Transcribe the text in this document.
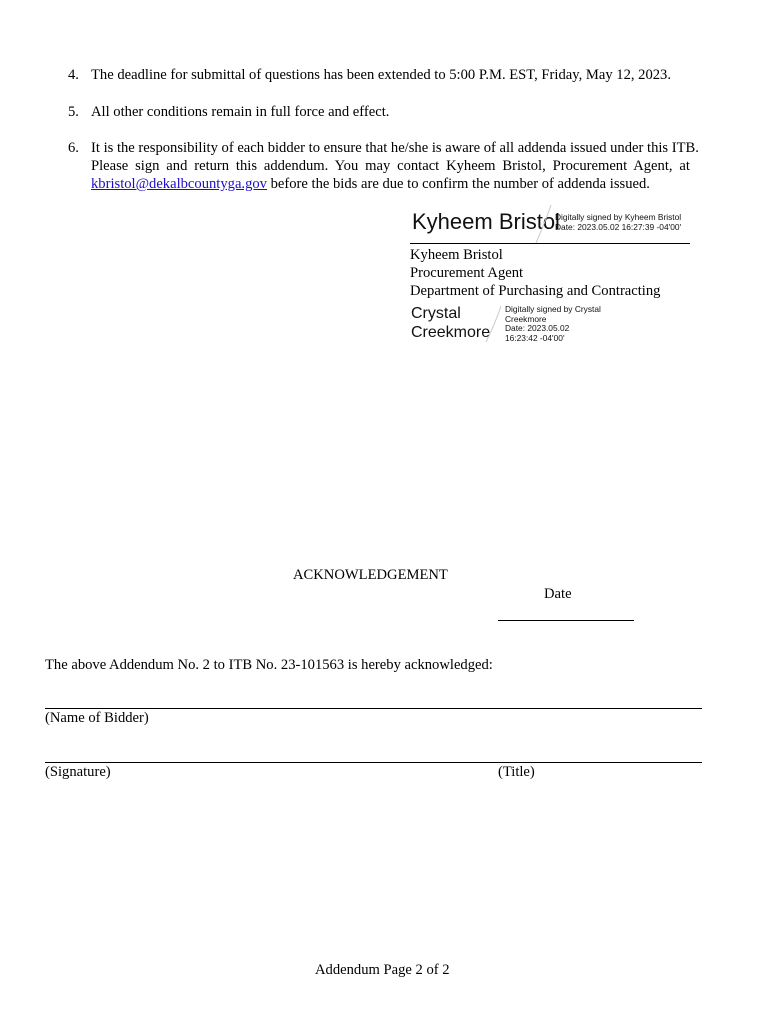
4. The deadline for submittal of questions has been extended to 5:00 P.M. EST, Friday, May 12, 2023.
5. All other conditions remain in full force and effect.
6. It is the responsibility of each bidder to ensure that he/she is aware of all addenda issued under this ITB.
Please sign and return this addendum. You may contact Kyheem Bristol, Procurement Agent, at
kbristol@dekalbcountyga.gov before the bids are due to confirm the number of addenda issued.
Kyheem Bristol
Digitally signed by Kyheem Bristol
Date: 2023.05.02 16:27:39 -04'00'
Kyheem Bristol
Procurement Agent
Department of Purchasing and Contracting
Crystal
Creekmore
Digitally signed by Crystal
Creekmore
Date: 2023.05.02
16:23:42 -04'00'
ACKNOWLEDGEMENT
Date
The above Addendum No. 2 to ITB No. 23-101563 is hereby acknowledged:
(Name of Bidder)
(Signature)	(Title)
Addendum Page 2 of 2
